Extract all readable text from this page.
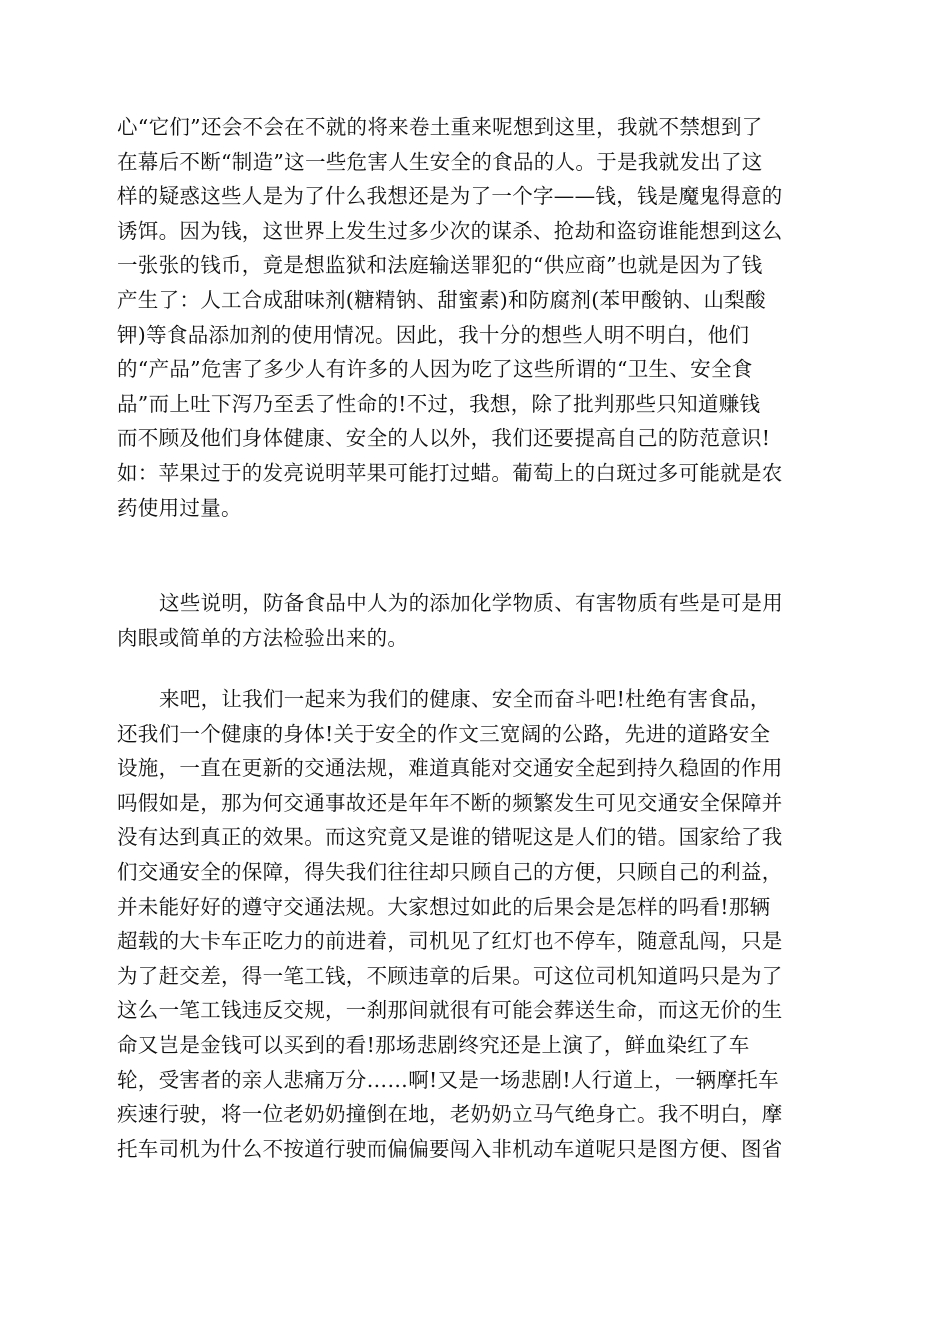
心“它们”还会不会在不就的将来卷土重来呢想到这里，我就不禁想到了
在幕后不断“制造”这一些危害人生安全的食品的人。于是我就发出了这
样的疑惑这些人是为了什么我想还是为了一个字——钱，钱是魔鬼得意的
诱饵。因为钱，这世界上发生过多少次的谋杀、抢劫和盗窃谁能想到这么
一张张的钱币，竟是想监狱和法庭输送罪犯的“供应商”也就是因为了钱
产生了：人工合成甜味剂(糖精钠、甜蜜素)和防腐剂(苯甲酸钠、山梨酸
钾)等食品添加剂的使用情况。因此，我十分的想些人明不明白，他们
的“产品”危害了多少人有许多的人因为吃了这些所谓的“卫生、安全食
品”而上吐下泻乃至丢了性命的!不过，我想，除了批判那些只知道赚钱
而不顾及他们身体健康、安全的人以外，我们还要提高自己的防范意识!
如：苹果过于的发亮说明苹果可能打过蜡。葡萄上的白斑过多可能就是农
药使用过量。
这些说明，防备食品中人为的添加化学物质、有害物质有些是可是用
肉眼或简单的方法检验出来的。
来吧，让我们一起来为我们的健康、安全而奋斗吧!杜绝有害食品，
还我们一个健康的身体!关于安全的作文三宽阔的公路，先进的道路安全
设施，一直在更新的交通法规，难道真能对交通安全起到持久稳固的作用
吗假如是，那为何交通事故还是年年不断的频繁发生可见交通安全保障并
没有达到真正的效果。而这究竟又是谁的错呢这是人们的错。国家给了我
们交通安全的保障，得失我们往往却只顾自己的方便，只顾自己的利益，
并未能好好的遵守交通法规。大家想过如此的后果会是怎样的吗看!那辆
超载的大卡车正吃力的前进着，司机见了红灯也不停车，随意乱闯，只是
为了赶交差，得一笔工钱，不顾违章的后果。可这位司机知道吗只是为了
这么一笔工钱违反交规，一刹那间就很有可能会葬送生命，而这无价的生
命又岂是金钱可以买到的看!那场悲剧终究还是上演了，鲜血染红了车
轮，受害者的亲人悲痛万分……啊!又是一场悲剧!人行道上，一辆摩托车
疾速行驶，将一位老奶奶撞倒在地，老奶奶立马气绝身亡。我不明白，摩
托车司机为什么不按道行驶而偏偏要闯入非机动车道呢只是图方便、图省
